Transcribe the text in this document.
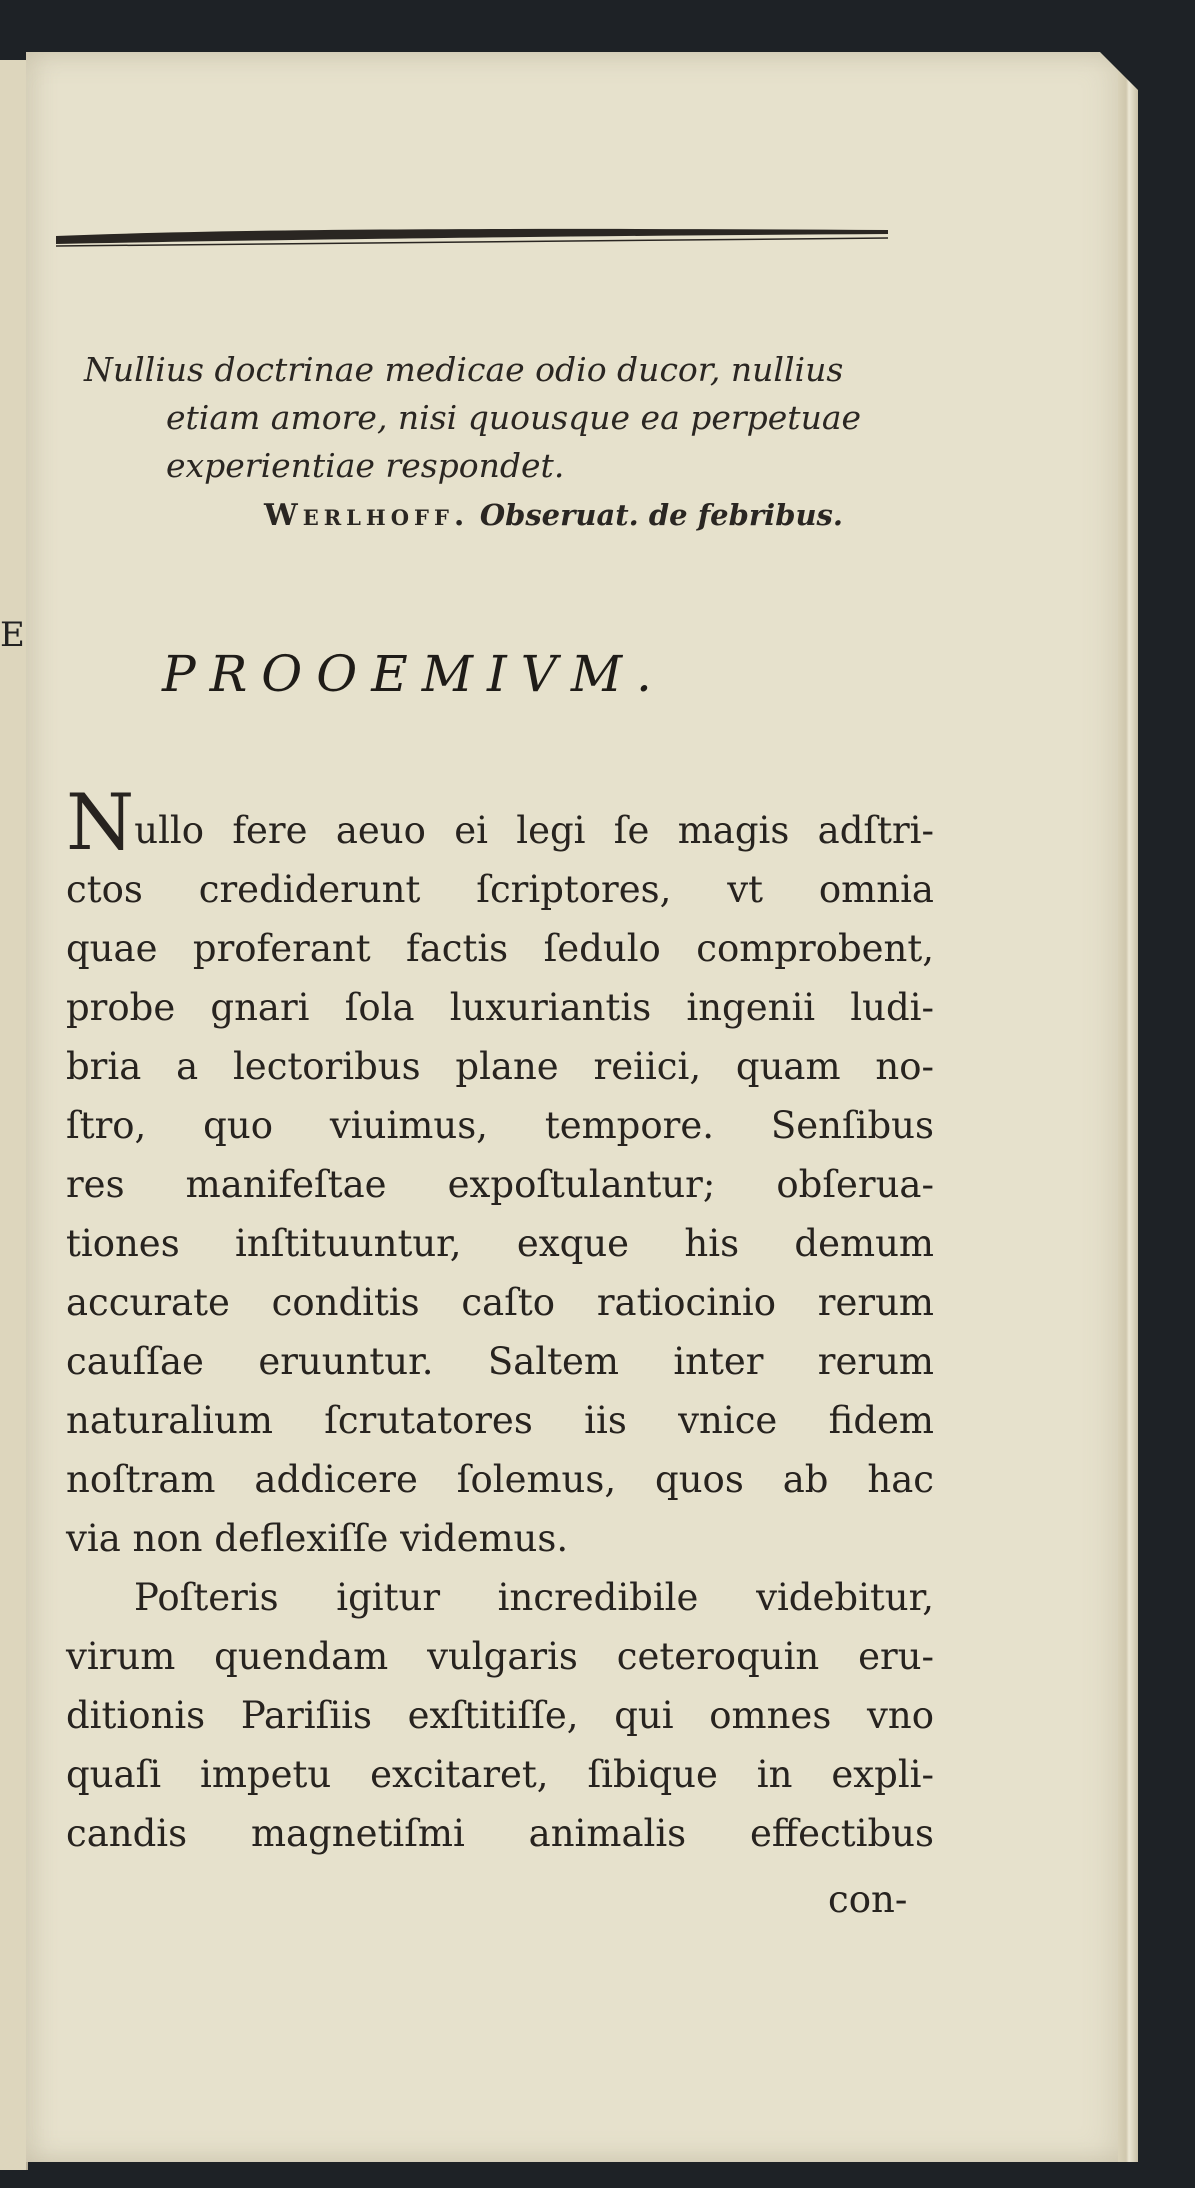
E
Nullius doctrinae medicae odio ducor, nullius
etiam amore, nisi quousque ea perpetuae
experientiae respondet.
Werlhoff. Obseruat. de febribus.
PROOEMIVM.

Nullo fere aeuo ei legi ſe magis adſtri-

ctos crediderunt ſcriptores, vt omnia

quae proferant factis ſedulo comprobent,

probe gnari ſola luxuriantis ingenii ludi-

bria a lectoribus plane reiici, quam no-

ſtro, quo viuimus, tempore. Senſibus

res manifeſtae expoſtulantur; obſerua-

tiones inſtituuntur, exque his demum

accurate conditis caſto ratiocinio rerum

cauſſae eruuntur. Saltem inter rerum

naturalium ſcrutatores iis vnice fidem

noſtram addicere ſolemus, quos ab hac

via non deflexiſſe videmus.

Poſteris igitur incredibile videbitur,

virum quendam vulgaris ceteroquin eru-

ditionis Pariſiis exſtitiſſe, qui omnes vno

quaſi impetu excitaret, ſibique in expli-

candis magnetiſmi animalis effectibus

con-
